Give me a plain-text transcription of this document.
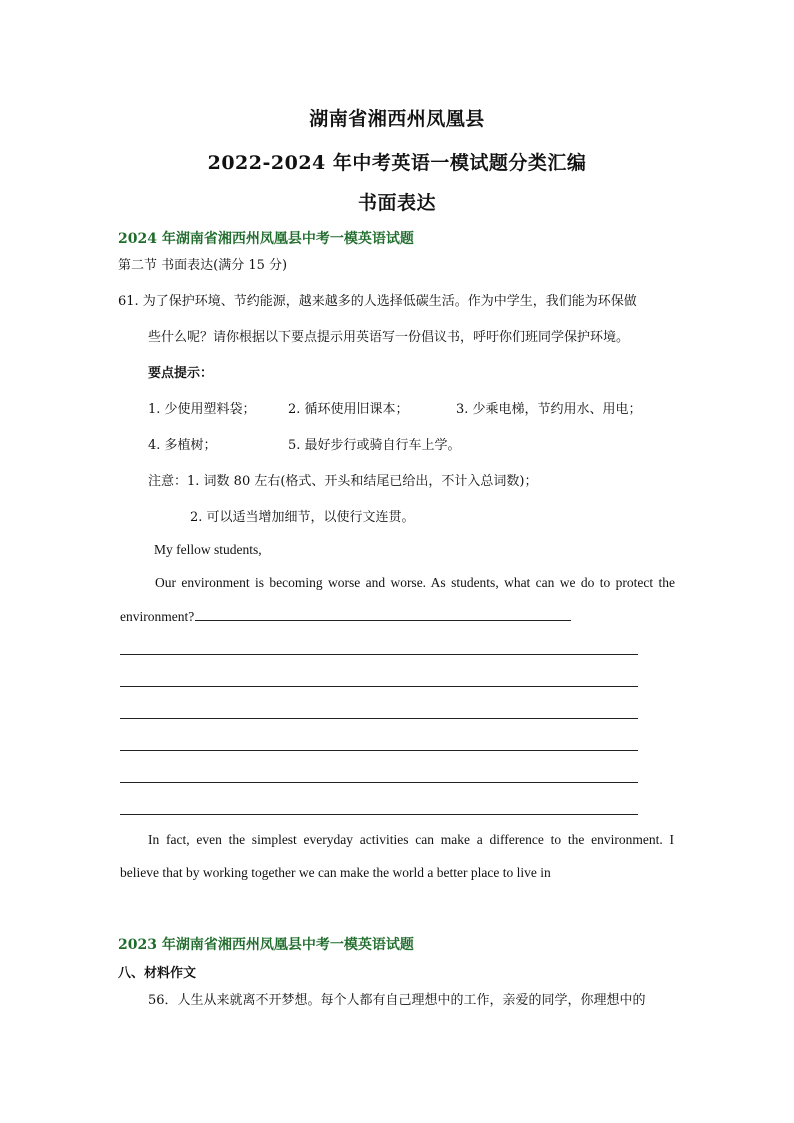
湖南省湘西州凤凰县
2022-2024 年中考英语一模试题分类汇编
书面表达
2024 年湖南省湘西州凤凰县中考一模英语试题
第二节 书面表达(满分 15 分)
61. 为了保护环境、节约能源，越来越多的人选择低碳生活。作为中学生，我们能为环保做
些什么呢？请你根据以下要点提示用英语写一份倡议书，呼吁你们班同学保护环境。
要点提示：
1. 少使用塑料袋； 2. 循环使用旧课本；	3. 少乘电梯，节约用水、用电；
4. 多植树；	5. 最好步行或骑自行车上学。
注意：1. 词数 80 左右(格式、开头和结尾已给出，不计入总词数)；
2. 可以适当增加细节，以使行文连贯。
My fellow students,
Our environment is becoming worse and worse. As students, what can we do to protect the
environment?
In fact, even the simplest everyday activities can make a difference to the environment. I
believe that by working together we can make the world a better place to live in
2023 年湖南省湘西州凤凰县中考一模英语试题
八、材料作文
56．人生从来就离不开梦想。每个人都有自己理想中的工作，亲爱的同学，你理想中的
